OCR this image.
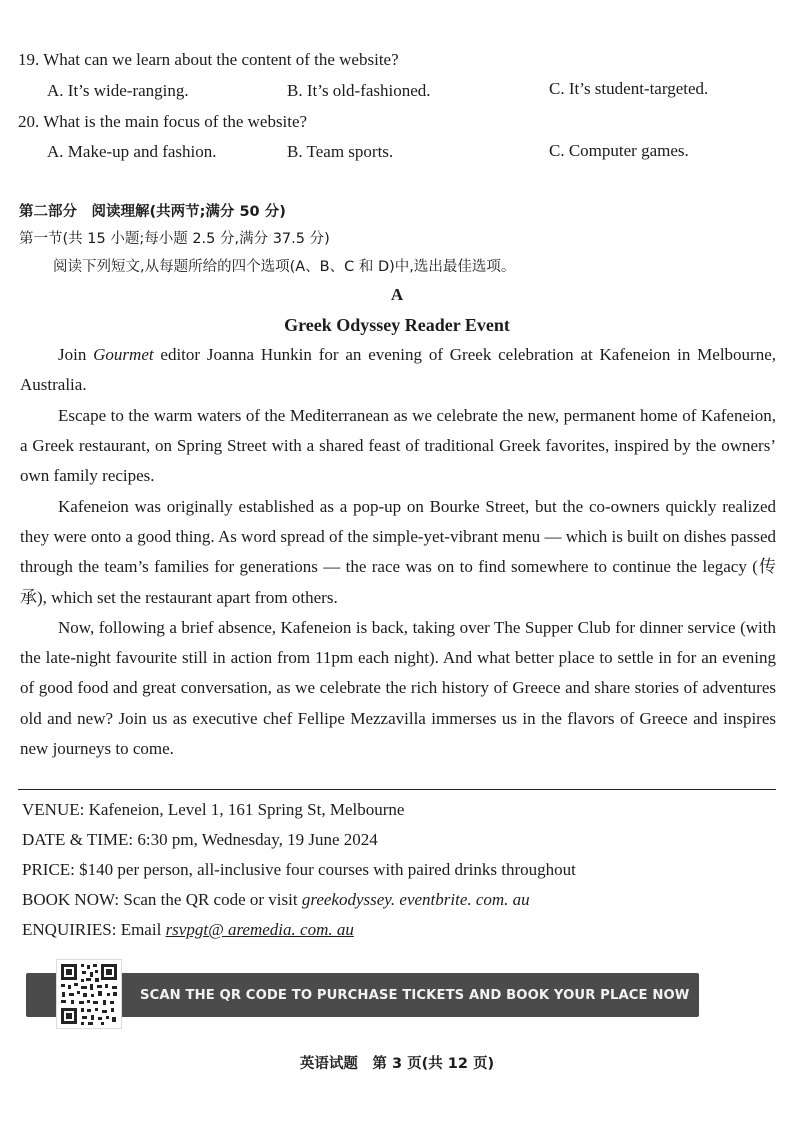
19. What can we learn about the content of the website?
A. It’s wide-ranging.	B. It’s old-fashioned.	C. It’s student-targeted.
20. What is the main focus of the website?
A. Make-up and fashion.	B. Team sports.	C. Computer games.
第二部分　阅读理解(共两节;满分 50 分)
第一节(共 15 小题;每小题 2.5 分,满分 37.5 分)
阅读下列短文,从每题所给的四个选项(A、B、C 和 D)中,选出最佳选项。
A
Greek Odyssey Reader Event
Join Gourmet editor Joanna Hunkin for an evening of Greek celebration at Kafeneion in Melbourne, Australia.
Escape to the warm waters of the Mediterranean as we celebrate the new, permanent home of Kafeneion, a Greek restaurant, on Spring Street with a shared feast of traditional Greek favorites, inspired by the owners’ own family recipes.
Kafeneion was originally established as a pop-up on Bourke Street, but the co-owners quickly realized they were onto a good thing. As word spread of the simple-yet-vibrant menu — which is built on dishes passed through the team’s families for generations — the race was on to find somewhere to continue the legacy (传承), which set the restaurant apart from others.
Now, following a brief absence, Kafeneion is back, taking over The Supper Club for dinner service (with the late-night favourite still in action from 11pm each night). And what better place to settle in for an evening of good food and great conversation, as we celebrate the rich history of Greece and share stories of adventures old and new? Join us as executive chef Fellipe Mezzavilla immerses us in the flavors of Greece and inspires new journeys to come.
VENUE: Kafeneion, Level 1, 161 Spring St, Melbourne
DATE & TIME: 6:30 pm, Wednesday, 19 June 2024
PRICE: $140 per person, all-inclusive four courses with paired drinks throughout
BOOK NOW: Scan the QR code or visit greekodyssey. eventbrite. com. au
ENQUIRIES: Email rsvpgt@ aremedia. com. au
SCAN THE QR CODE TO PURCHASE TICKETS AND BOOK YOUR PLACE NOW
英语试题　第 3 页(共 12 页)
